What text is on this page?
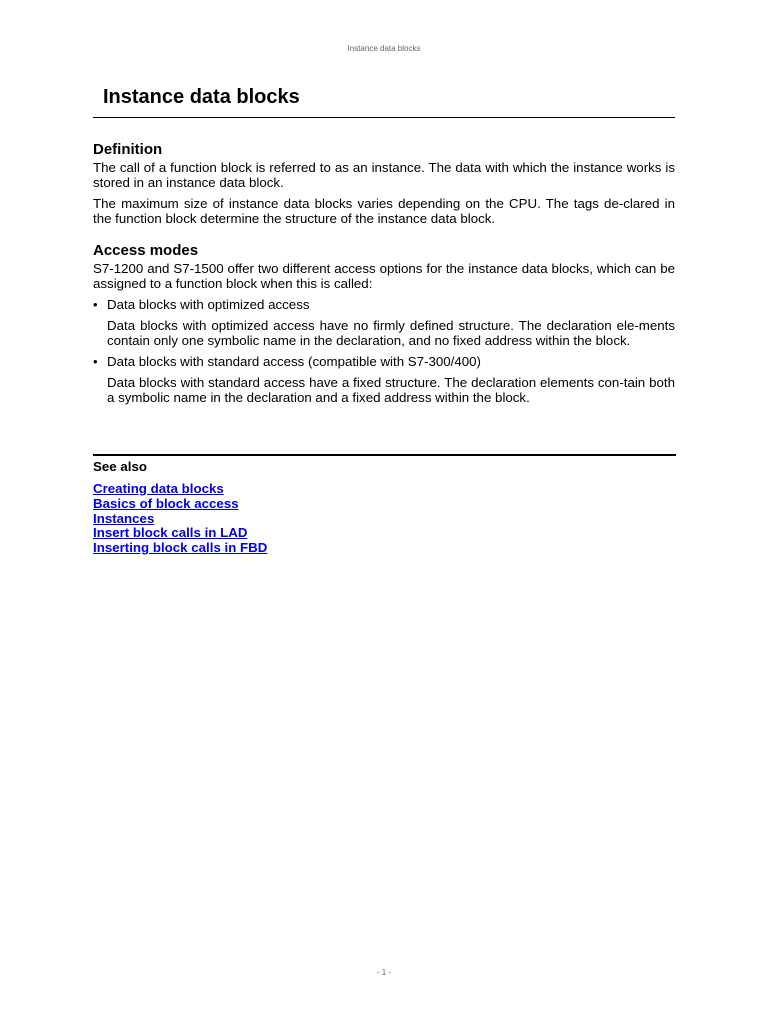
Instance data blocks
Instance data blocks
Definition

The call of a function block is referred to as an instance. The data with which the instance works is stored in an instance data block.

The maximum size of instance data blocks varies depending on the CPU. The tags de-clared in the function block determine the structure of the instance data block.

Access modes

S7-1200 and S7-1500 offer two different access options for the instance data blocks, which can be assigned to a function block when this is called:

• Data blocks with optimized access

Data blocks with optimized access have no firmly defined structure. The declaration ele-ments contain only one symbolic name in the declaration, and no fixed address within the block.

• Data blocks with standard access (compatible with S7-300/400)

Data blocks with standard access have a fixed structure. The declaration elements con-tain both a symbolic name in the declaration and a fixed address within the block.

See also
Creating data blocks
Basics of block access
Instances
Insert block calls in LAD
Inserting block calls in FBD
- 1 -
